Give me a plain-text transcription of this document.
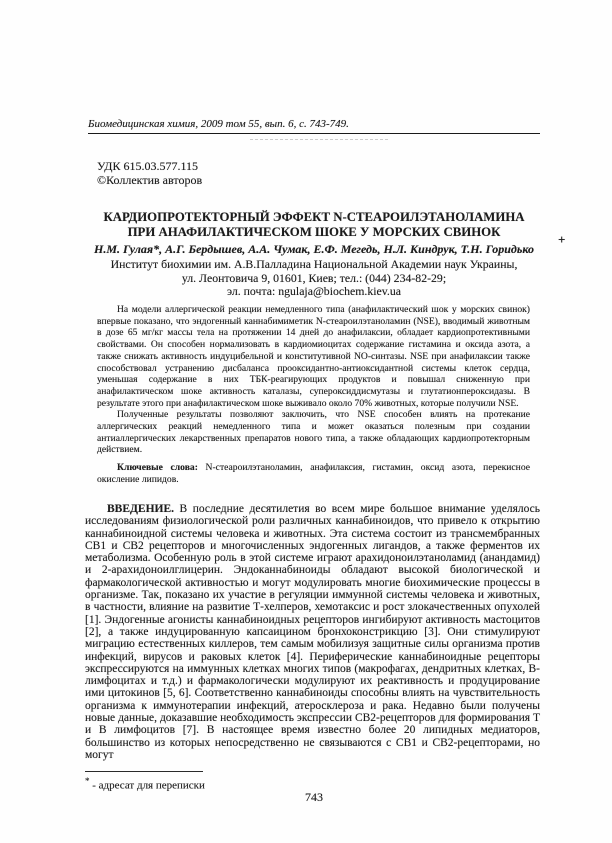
Биомедицинская химия, 2009 том 55, вып. 6, с. 743-749.
УДК 615.03.577.115
©Коллектив авторов
КАРДИОПРОТЕКТОРНЫЙ ЭФФЕКТ N-СТЕАРОИЛЭТАНОЛАМИНА
ПРИ АНАФИЛАКТИЧЕСКОМ ШОКЕ У МОРСКИХ СВИНОК
Н.М. Гулая*, А.Г. Бердышев, А.А. Чумак, Е.Ф. Мегедь, Н.Л. Киндрук, Т.Н. Горидько
+
Институт биохимии им. А.В.Палладина Национальной Академии наук Украины,
ул. Леонтовича 9, 01601, Киев; тел.: (044) 234-82-29;
эл. почта: ngulaja@biochem.kiev.ua

На модели аллергической реакции немедленного типа (анафилактический шок у морских свинок) впервые показано, что эндогенный каннабимиметик N-стеароилэтаноламин (NSE), вводимый животным в дозе 65 мг/кг массы тела на протяжении 14 дней до анафилаксии, обладает кардиопротективными свойствами. Он способен нормализовать в кардиомиоцитах содержание гистамина и оксида азота, а также снижать активность индуцибельной и конститутивной NO-синтазы. NSE при анафилаксии также способствовал устранению дисбаланса прооксидантно-антиоксидантной системы клеток сердца, уменьшая содержание в них ТБК-реагирующих продуктов и повышал сниженную при анафилактическом шоке активность каталазы, супероксиддисмутазы и глутатионпероксидазы. В результате этого при анафилактическом шоке выживало около 70% животных, которые получили NSE.

Полученные результаты позволяют заключить, что NSE способен влиять на протекание аллергических реакций немедленного типа и может оказаться полезным при создании антиаллергических лекарственных препаратов нового типа, а также обладающих кардиопротекторным действием.

Ключевые слова: N-стеароилэтаноламин, анафилаксия, гистамин, оксид азота, перекисное окисление липидов.

ВВЕДЕНИЕ. В последние десятилетия во всем мире большое внимание уделялось исследованиям физиологической роли различных каннабиноидов, что привело к открытию каннабиноидной системы человека и животных. Эта система состоит из трансмембранных СВ1 и СВ2 рецепторов и многочисленных эндогенных лигандов, а также ферментов их метаболизма. Особенную роль в этой системе играют арахидоноилэтаноламид (анандамид) и 2-арахидоноилглицерин. Эндоканнабиноиды обладают высокой биологической и фармакологической активностью и могут модулировать многие биохимические процессы в организме. Так, показано их участие в регуляции иммунной системы человека и животных, в частности, влияние на развитие Т-хелперов, хемотаксис и рост злокачественных опухолей [1]. Эндогенные агонисты каннабиноидных рецепторов ингибируют активность мастоцитов [2], а также индуцированную капсаицином бронхоконстрикцию [3]. Они стимулируют миграцию естественных киллеров, тем самым мобилизуя защитные силы организма против инфекций, вирусов и раковых клеток [4]. Периферические каннабиноидные рецепторы экспрессируются на иммунных клетках многих типов (макрофагах, дендритных клетках, В-лимфоцитах и т.д.) и фармакологически модулируют их реактивность и продуцирование ими цитокинов [5, 6]. Соответственно каннабиноиды способны влиять на чувствительность организма к иммунотерапии инфекций, атеросклероза и рака. Недавно были получены новые данные, доказавшие необходимость экспрессии СВ2-рецепторов для формирования Т и В лимфоцитов [7]. В настоящее время известно более 20 липидных медиаторов, большинство из которых непосредственно не связываются с СВ1 и СВ2-рецепторами, но могут

* - адресат для переписки
743
